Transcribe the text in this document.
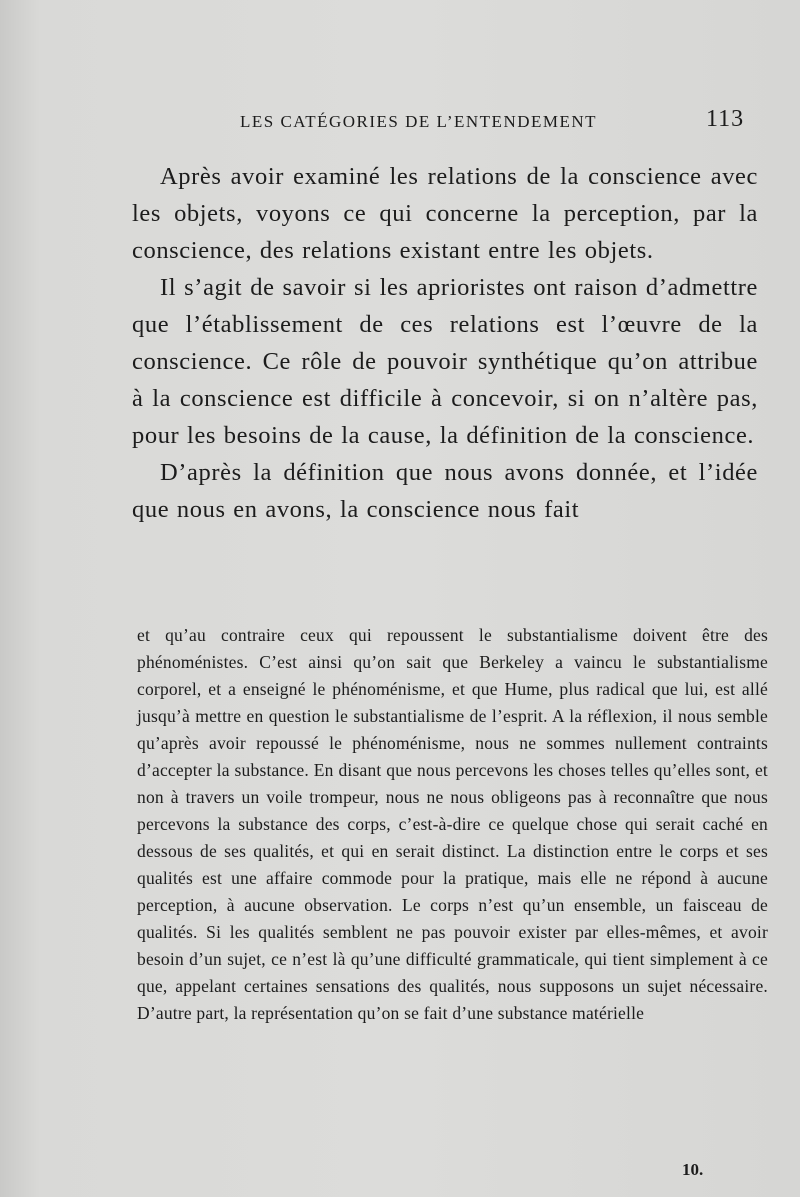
LES CATÉGORIES DE L’ENTENDEMENT	113

Après avoir examiné les relations de la conscience avec les objets, voyons ce qui concerne la perception, par la conscience, des relations existant entre les objets.

Il s’agit de savoir si les aprioristes ont raison d’admettre que l’établissement de ces relations est l’œuvre de la conscience. Ce rôle de pouvoir synthétique qu’on attribue à la conscience est difficile à concevoir, si on n’altère pas, pour les besoins de la cause, la définition de la conscience.

D’après la définition que nous avons donnée, et l’idée que nous en avons, la conscience nous fait

et qu’au contraire ceux qui repoussent le substantialisme doivent être des phénoménistes. C’est ainsi qu’on sait que Berkeley a vaincu le substantialisme corporel, et a enseigné le phénoménisme, et que Hume, plus radical que lui, est allé jusqu’à mettre en question le substantialisme de l’esprit. A la réflexion, il nous semble qu’après avoir repoussé le phénoménisme, nous ne sommes nullement contraints d’accepter la substance. En disant que nous percevons les choses telles qu’elles sont, et non à travers un voile trompeur, nous ne nous obligeons pas à reconnaître que nous percevons la substance des corps, c’est-à-dire ce quelque chose qui serait caché en dessous de ses qualités, et qui en serait distinct. La distinction entre le corps et ses qualités est une affaire commode pour la pratique, mais elle ne répond à aucune perception, à aucune observation. Le corps n’est qu’un ensemble, un faisceau de qualités. Si les qualités semblent ne pas pouvoir exister par elles-mêmes, et avoir besoin d’un sujet, ce n’est là qu’une difficulté grammaticale, qui tient simplement à ce que, appelant certaines sensations des qualités, nous supposons un sujet nécessaire. D’autre part, la représentation qu’on se fait d’une substance matérielle

10.
